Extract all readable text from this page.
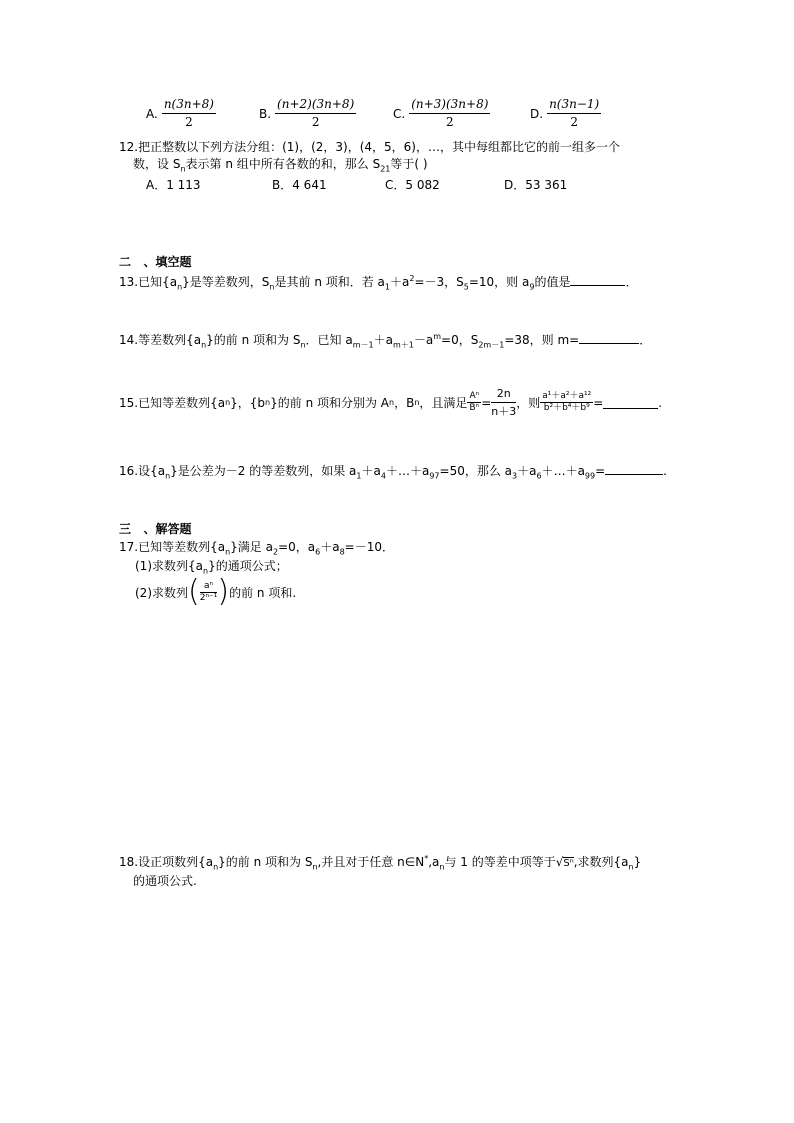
A. $\frac{n(3n+8)}{2}$	B. $\frac{(n+2)(3n+8)}{2}$	C. $\frac{(n+3)(3n+8)}{2}$	D. $\frac{n(3n-1)}{2}$
12.把正整数以下列方法分组：(1)，(2，3)，(4，5，6)，…，其中每组都比它的前一组多一个
数，设 $S_n$表示第 n 组中所有各数的和，那么 $S_{21}$等于( )
A．1 113	B．4 641	C．5 082	D．53 361
二   、填空题
13.已知$\{a_n\}$是等差数列，$S_n$是其前 n 项和．若 $a_1+a^2=-3$，$S_5=10$，则 $a_9$的值是	．
14.等差数列$\{a_n\}$的前 n 项和为 $S_n$．已知 $a_{m-1}+a_{m+1}-a^m=0$，$S_{2m-1}=38$，则 m=	．
15.已知等差数列{a n }，{b n }的前 n 项和分别为 A n ，B n ，且满足 $\frac{\text{Aⁿ}}{\text{Bⁿ}} = \frac{2n}{n+3}$ ，则 $\frac{\text{a¹＋a²＋a¹²}}{\text{b²＋b⁴＋b⁹}}$ =	.
16.设$\{a_n\}$是公差为－2 的等差数列，如果 $a_1+a_4+\dots+a_{97}=50$，那么 $a_3+a_6+\dots+a_{99}=$	.
三   、解答题
17.已知等差数列$\{a_n\}$满足 $a_2=0$，$a_6+a_8=-10$．
(1)求数列$\{a_n\}$的通项公式；
(2)求数列 ( $\frac{\text{aⁿ}}{\text{2ⁿ⁻¹}}$ ) 的前 n 项和.
18.设正项数列$\{a_n\}$的前 n 项和为 $S_n$,并且对于任意 $n\in N^*,a_n$与 1 的等差中项等于√Sⁿ,求数列$\{a_n\}$
的通项公式.
